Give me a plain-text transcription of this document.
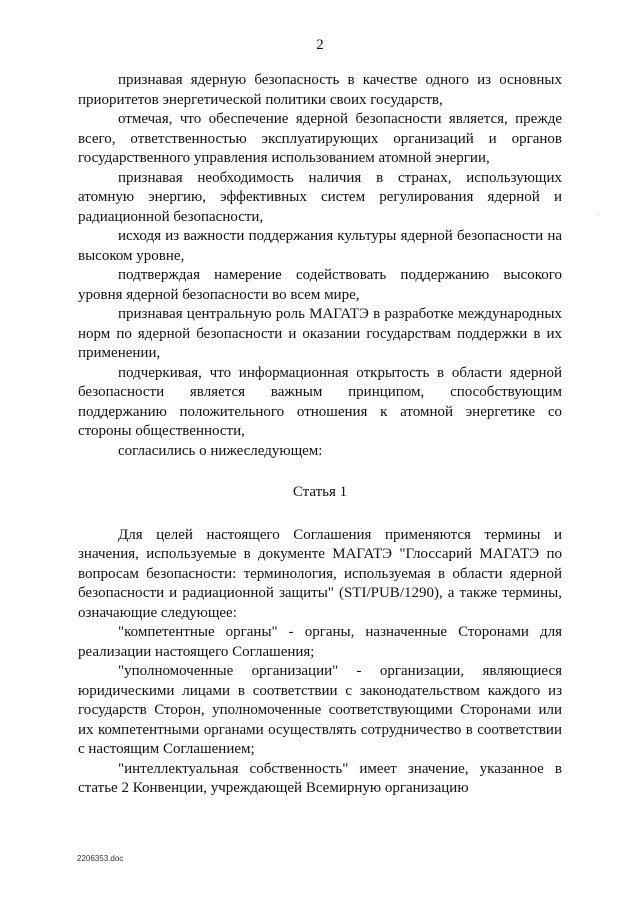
2
·

признавая ядерную безопасность в качестве одного из основных приоритетов энергетической политики своих государств,

отмечая, что обеспечение ядерной безопасности является, прежде всего, ответственностью эксплуатирующих организаций и органов государственного управления использованием атомной энергии,

признавая необходимость наличия в странах, использующих атомную энергию, эффективных систем регулирования ядерной и радиационной безопасности,

исходя из важности поддержания культуры ядерной безопасности на высоком уровне,

подтверждая намерение содействовать поддержанию высокого уровня ядерной безопасности во всем мире,

признавая центральную роль МАГАТЭ в разработке международных норм по ядерной безопасности и оказании государствам поддержки в их применении,

подчеркивая, что информационная открытость в области ядерной безопасности является важным принципом, способствующим поддержанию положительного отношения к атомной энергетике со стороны общественности,

согласились о нижеследующем:

Статья 1

Для целей настоящего Соглашения применяются термины и значения, используемые в документе МАГАТЭ "Глоссарий МАГАТЭ по вопросам безопасности: терминология, используемая в области ядерной безопасности и радиационной защиты" (STI/PUB/1290), а также термины, означающие следующее:

"компетентные органы" - органы, назначенные Сторонами для реализации настоящего Соглашения;

"уполномоченные организации" - организации, являющиеся юридическими лицами в соответствии с законодательством каждого из государств Сторон, уполномоченные соответствующими Сторонами или их компетентными органами осуществлять сотрудничество в соответствии с настоящим Соглашением;

"интеллектуальная собственность" имеет значение, указанное в статье 2 Конвенции, учреждающей Всемирную организацию

2206353.doc
